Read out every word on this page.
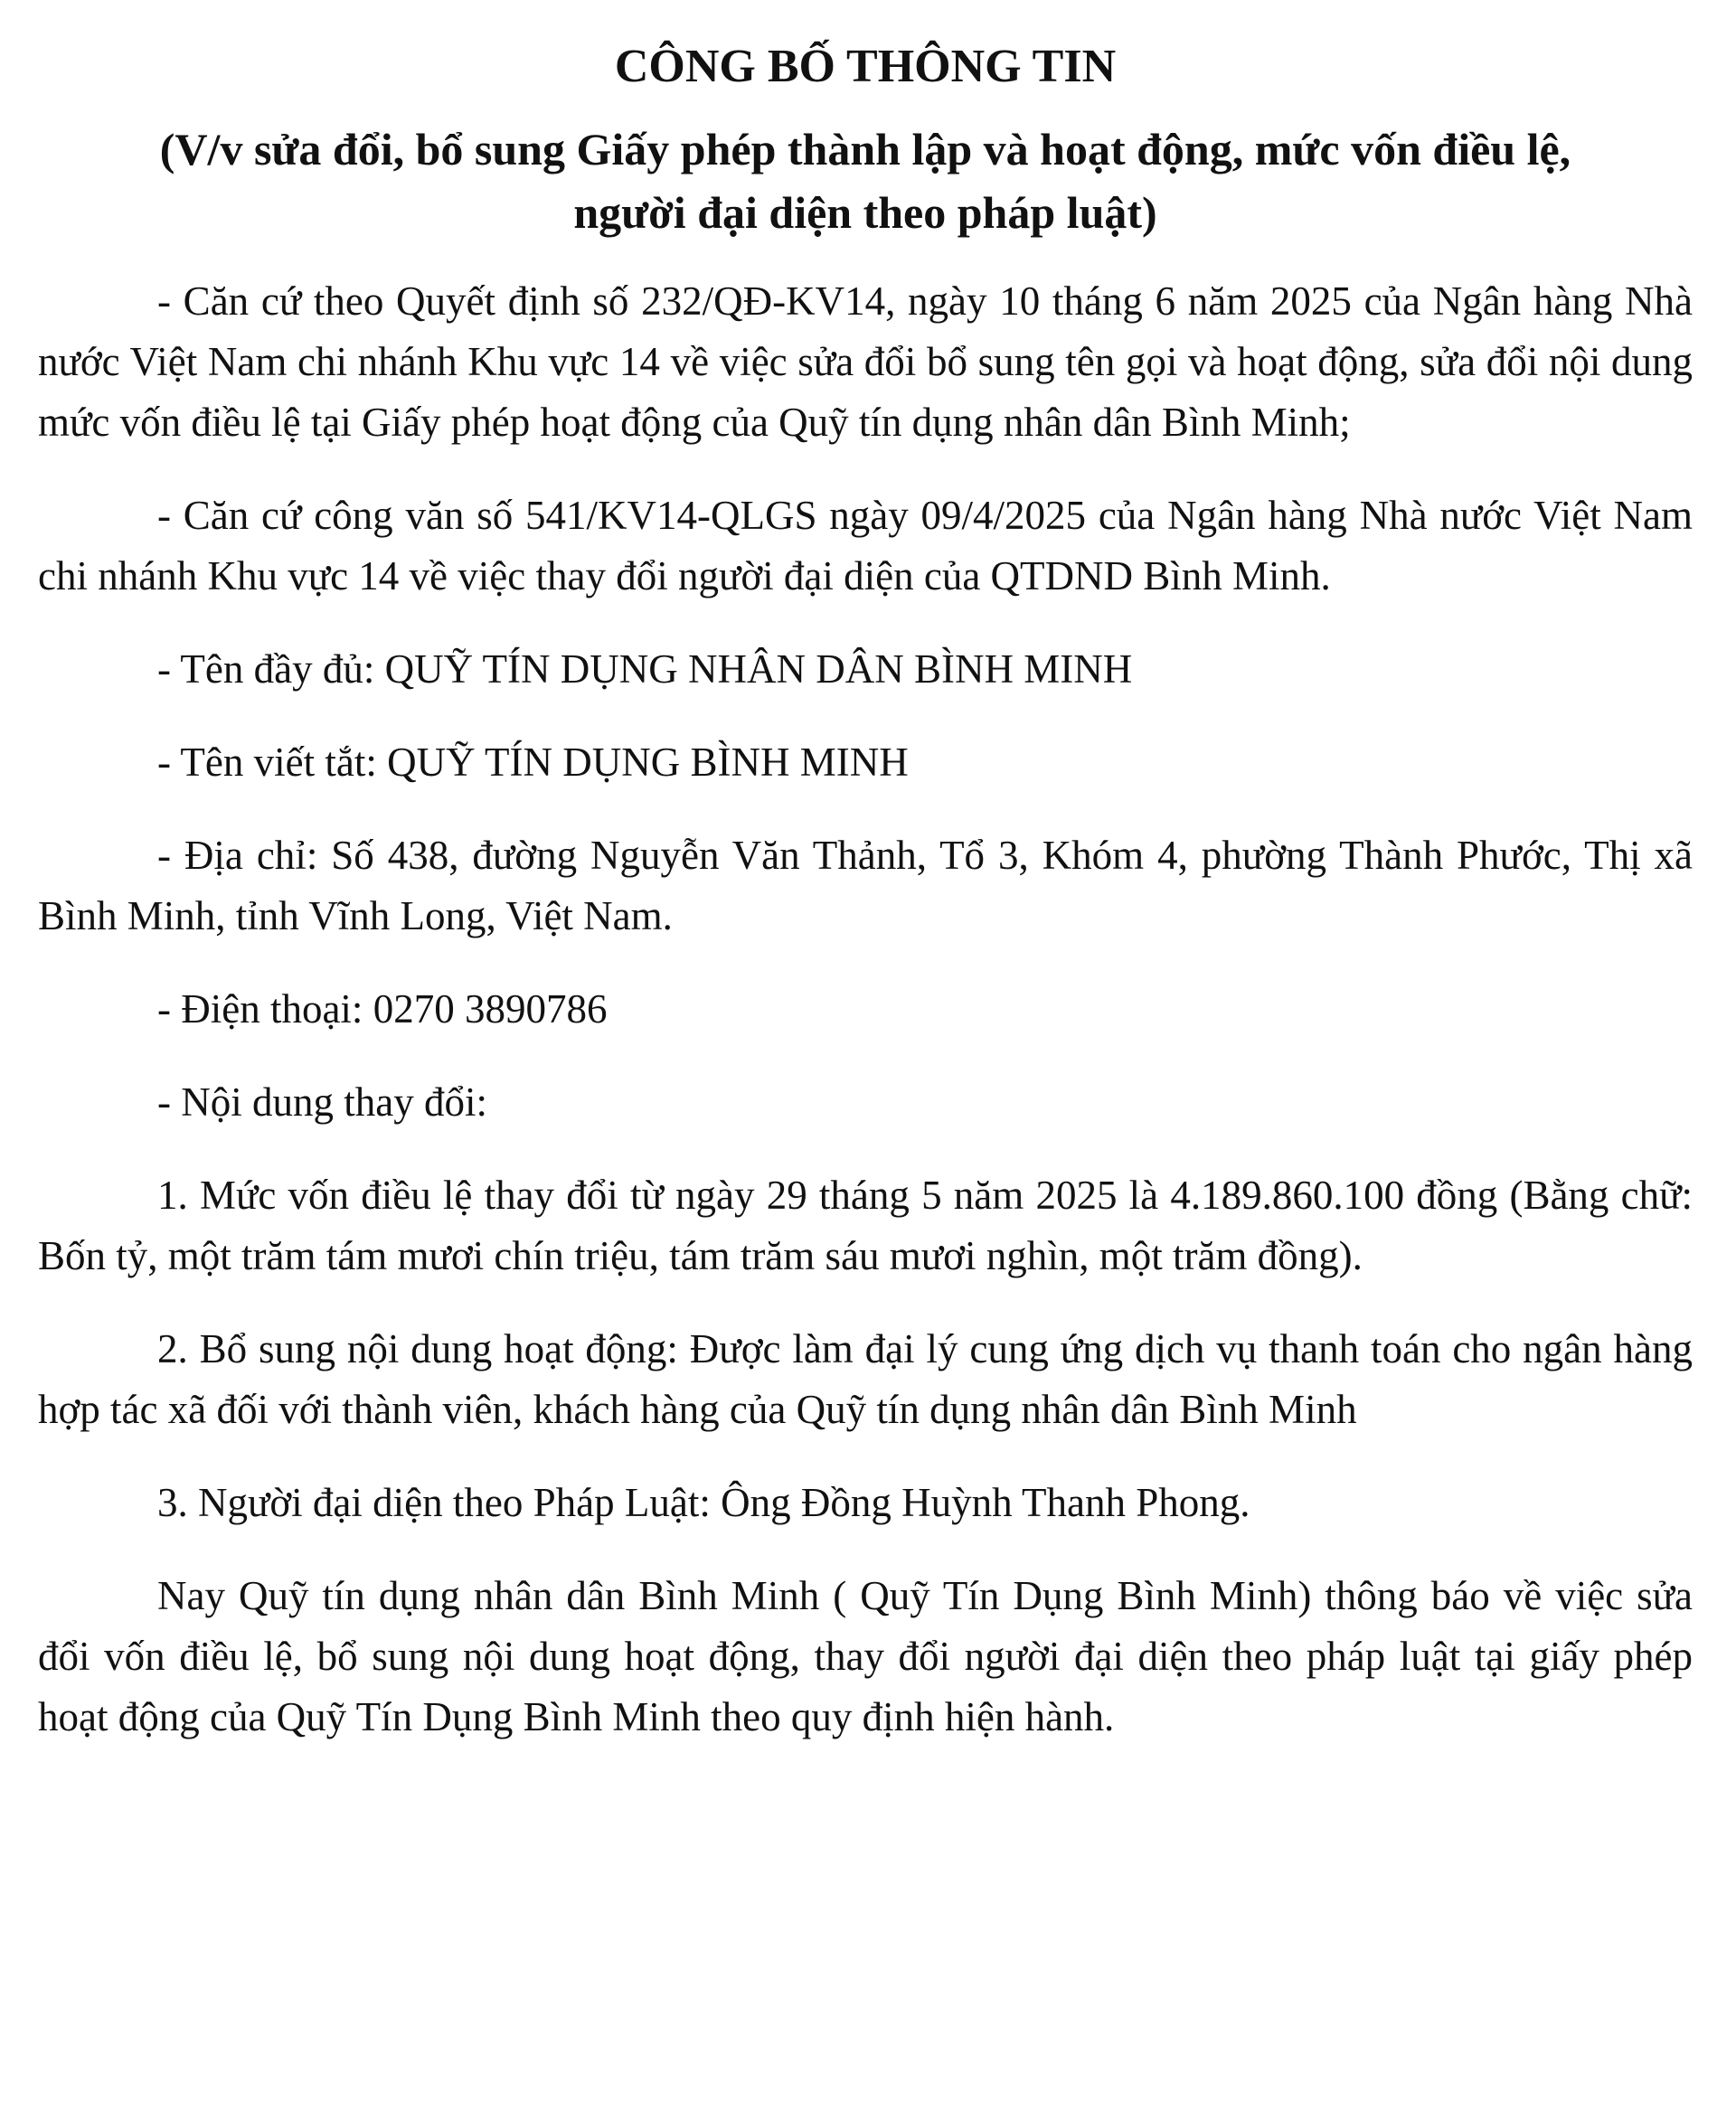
CÔNG BỐ THÔNG TIN
(V/v sửa đổi, bổ sung Giấy phép thành lập và hoạt động, mức vốn điều lệ,
người đại diện theo pháp luật)

- Căn cứ theo Quyết định số 232/QĐ-KV14, ngày 10 tháng 6 năm 2025 của Ngân hàng Nhà nước Việt Nam chi nhánh Khu vực 14 về việc sửa đổi bổ sung tên gọi và hoạt động, sửa đổi nội dung mức vốn điều lệ tại Giấy phép hoạt động của Quỹ tín dụng nhân dân Bình Minh;

- Căn cứ công văn số 541/KV14-QLGS ngày 09/4/2025 của Ngân hàng Nhà nước Việt Nam chi nhánh Khu vực 14 về việc thay đổi người đại diện của QTDND Bình Minh.

- Tên đầy đủ: QUỸ TÍN DỤNG NHÂN DÂN BÌNH MINH

- Tên viết tắt: QUỸ TÍN DỤNG BÌNH MINH

- Địa chỉ: Số 438, đường Nguyễn Văn Thảnh, Tổ 3, Khóm 4, phường Thành Phước, Thị xã Bình Minh, tỉnh Vĩnh Long, Việt Nam.

- Điện thoại: 0270 3890786

- Nội dung thay đổi:

1. Mức vốn điều lệ thay đổi từ ngày 29 tháng 5 năm 2025 là 4.189.860.100 đồng (Bằng chữ: Bốn tỷ, một trăm tám mươi chín triệu, tám trăm sáu mươi nghìn, một trăm đồng).

2. Bổ sung nội dung hoạt động: Được làm đại lý cung ứng dịch vụ thanh toán cho ngân hàng hợp tác xã đối với thành viên, khách hàng của Quỹ tín dụng nhân dân Bình Minh

3. Người đại diện theo Pháp Luật: Ông Đồng Huỳnh Thanh Phong.

Nay Quỹ tín dụng nhân dân Bình Minh ( Quỹ Tín Dụng Bình Minh) thông báo về việc sửa đổi vốn điều lệ, bổ sung nội dung hoạt động, thay đổi người đại diện theo pháp luật tại giấy phép hoạt động của Quỹ Tín Dụng Bình Minh theo quy định hiện hành.
